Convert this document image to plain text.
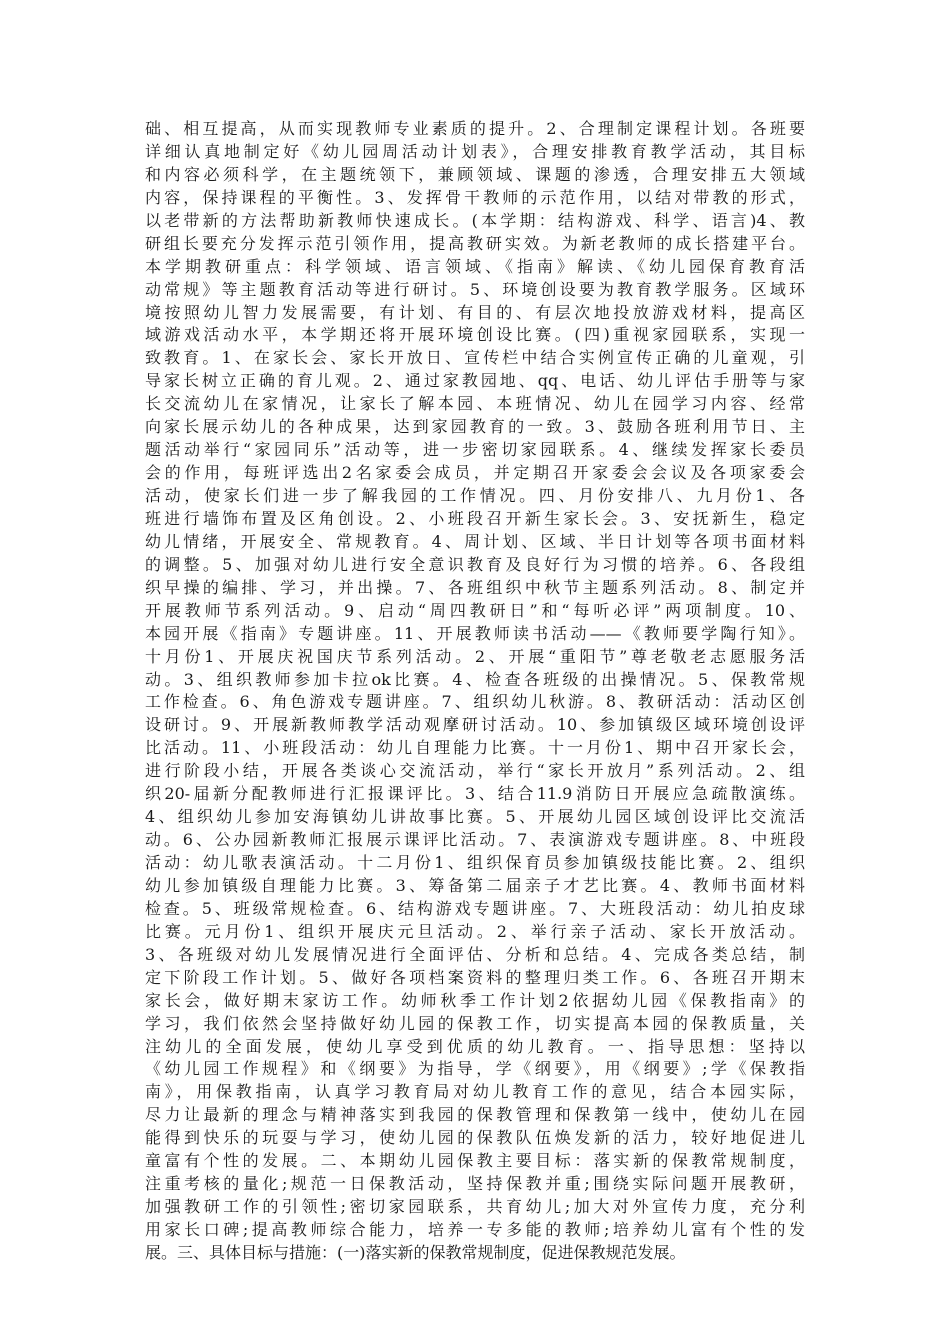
础、相互提高，从而实现教师专业素质的提升。2、合理制定课程计划。各班要
详细认真地制定好《幼儿园周活动计划表》，合理安排教育教学活动，其目标
和内容必须科学，在主题统领下，兼顾领域、课题的渗透，合理安排五大领域
内容，保持课程的平衡性。3、发挥骨干教师的示范作用，以结对带教的形式，
以老带新的方法帮助新教师快速成长。(本学期：结构游戏、科学、语言)4、教
研组长要充分发挥示范引领作用，提高教研实效。为新老教师的成长搭建平台。
本学期教研重点：科学领域、语言领域、《指南》解读、《幼儿园保育教育活
动常规》等主题教育活动等进行研讨。5、环境创设要为教育教学服务。区域环
境按照幼儿智力发展需要，有计划、有目的、有层次地投放游戏材料，提高区
域游戏活动水平，本学期还将开展环境创设比赛。(四)重视家园联系，实现一
致教育。1、在家长会、家长开放日、宣传栏中结合实例宣传正确的儿童观，引
导家长树立正确的育儿观。2、通过家教园地、qq、电话、幼儿评估手册等与家
长交流幼儿在家情况，让家长了解本园、本班情况、幼儿在园学习内容、经常
向家长展示幼儿的各种成果，达到家园教育的一致。3、鼓励各班利用节日、主
题活动举行“家园同乐”活动等，进一步密切家园联系。4、继续发挥家长委员
会的作用，每班评选出2名家委会成员，并定期召开家委会会议及各项家委会
活动，使家长们进一步了解我园的工作情况。四、月份安排八、九月份1、各
班进行墙饰布置及区角创设。2、小班段召开新生家长会。3、安抚新生，稳定
幼儿情绪，开展安全、常规教育。4、周计划、区域、半日计划等各项书面材料
的调整。5、加强对幼儿进行安全意识教育及良好行为习惯的培养。6、各段组
织早操的编排、学习，并出操。7、各班组织中秋节主题系列活动。8、制定并
开展教师节系列活动。9、启动“周四教研日”和“每听必评”两项制度。10、
本园开展《指南》专题讲座。11、开展教师读书活动——《教师要学陶行知》。
十月份1、开展庆祝国庆节系列活动。2、开展“重阳节”尊老敬老志愿服务活
动。3、组织教师参加卡拉ok比赛。4、检查各班级的出操情况。5、保教常规
工作检查。6、角色游戏专题讲座。7、组织幼儿秋游。8、教研活动：活动区创
设研讨。9、开展新教师教学活动观摩研讨活动。10、参加镇级区域环境创设评
比活动。11、小班段活动：幼儿自理能力比赛。十一月份1、期中召开家长会，
进行阶段小结，开展各类谈心交流活动，举行“家长开放月”系列活动。2、组
织20-届新分配教师进行汇报课评比。3、结合11.9消防日开展应急疏散演练。
4、组织幼儿参加安海镇幼儿讲故事比赛。5、开展幼儿园区域创设评比交流活
动。6、公办园新教师汇报展示课评比活动。7、表演游戏专题讲座。8、中班段
活动：幼儿歌表演活动。十二月份1、组织保育员参加镇级技能比赛。2、组织
幼儿参加镇级自理能力比赛。3、筹备第二届亲子才艺比赛。4、教师书面材料
检查。5、班级常规检查。6、结构游戏专题讲座。7、大班段活动：幼儿拍皮球
比赛。元月份1、组织开展庆元旦活动。2、举行亲子活动、家长开放活动。
3、各班级对幼儿发展情况进行全面评估、分析和总结。4、完成各类总结，制
定下阶段工作计划。5、做好各项档案资料的整理归类工作。6、各班召开期末
家长会，做好期末家访工作。幼师秋季工作计划2依据幼儿园《保教指南》的
学习，我们依然会坚持做好幼儿园的保教工作，切实提高本园的保教质量，关
注幼儿的全面发展，使幼儿享受到优质的幼儿教育。一、指导思想：坚持以
《幼儿园工作规程》和《纲要》为指导，学《纲要》，用《纲要》;学《保教指
南》，用保教指南，认真学习教育局对幼儿教育工作的意见，结合本园实际，
尽力让最新的理念与精神落实到我园的保教管理和保教第一线中，使幼儿在园
能得到快乐的玩耍与学习，使幼儿园的保教队伍焕发新的活力，较好地促进儿
童富有个性的发展。二、本期幼儿园保教主要目标：落实新的保教常规制度，
注重考核的量化;规范一日保教活动，坚持保教并重;围绕实际问题开展教研，
加强教研工作的引领性;密切家园联系，共育幼儿;加大对外宣传力度，充分利
用家长口碑;提高教师综合能力，培养一专多能的教师;培养幼儿富有个性的发
展。三、具体目标与措施：(一)落实新的保教常规制度，促进保教规范发展。
